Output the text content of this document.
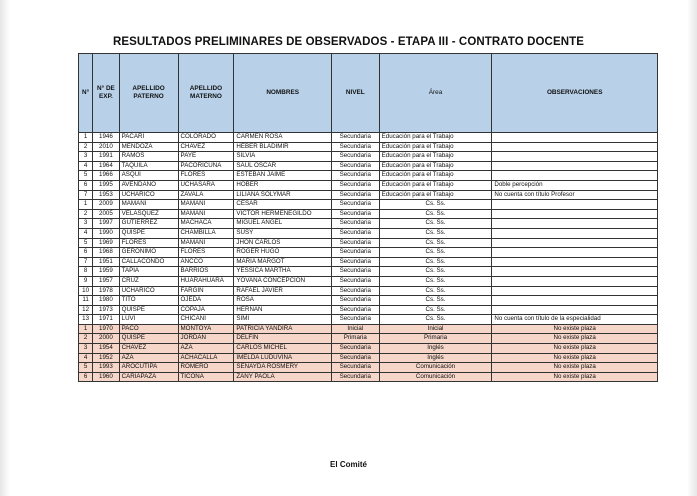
RESULTADOS PRELIMINARES DE OBSERVADOS - ETAPA III - CONTRATO DOCENTE
N°	N° DE EXP.	APELLIDO PATERNO	APELLIDO MATERNO	NOMBRES	NIVEL	Área	OBSERVACIONES
1	1946	PACARI	COLORADO	CARMEN ROSA	Secundaria	Educación para el Trabajo	
2	2010	MENDOZA	CHAVEZ	HEBER BLADIMIR	Secundaria	Educación para el Trabajo	
3	1991	RAMOS	PAYE	SILVIA	Secundaria	Educación para el Trabajo	
4	1964	TAQUILA	PACORICUNA	SAUL OSCAR	Secundaria	Educación para el Trabajo	
5	1966	ASQUI	FLORES	ESTEBAN JAIME	Secundaria	Educación para el Trabajo	
6	1995	AVENDAÑO	UCHASARA	HOBER	Secundaria	Educación para el Trabajo	Doble percepción
7	1953	UCHARICO	ZAVALA	LILIANA SOLYMAR	Secundaria	Educación para el Trabajo	No cuenta con título Profesor
1	2009	MAMANI	MAMANI	CESAR	Secundaria	Cs. Ss.	
2	2005	VELASQUEZ	MAMANI	VICTOR HERMENEGILDO	Secundaria	Cs. Ss.	
3	1997	GUTIERREZ	MACHACA	MIGUEL ANGEL	Secundaria	Cs. Ss.	
4	1990	QUISPE	CHAMBILLA	SUSY	Secundaria	Cs. Ss.	
5	1969	FLORES	MAMANI	JHON CARLOS	Secundaria	Cs. Ss.	
6	1968	GERONIMO	FLORES	ROGER HUGO	Secundaria	Cs. Ss.	
7	1951	CALLACONDO	ANCCO	MARIA MARGOT	Secundaria	Cs. Ss.	
8	1959	TAPIA	BARRIOS	YESSICA MARTHA	Secundaria	Cs. Ss.	
9	1957	CRUZ	HUARAHUARA	YOVANA CONCEPCION	Secundaria	Cs. Ss.	
10	1978	UCHARICO	FARGIN	RAFAEL JAVIER	Secundaria	Cs. Ss.	
11	1980	TITO	OJEDA	ROSA	Secundaria	Cs. Ss.	
12	1973	QUISPE	COPAJA	HERNAN	Secundaria	Cs. Ss.	
13	1971	LUVI	CHICANI	SIMI	Secundaria	Cs. Ss.	No cuenta con título de la especialidad
1	1970	PACO	MONTOYA	PATRICIA YANDIRA	Inicial	Inicial	No existe plaza
2	2000	QUISPE	JORDAN	DELFIN	Primaria	Primaria	No existe plaza
3	1954	CHAVEZ	AZA	CARLOS MICHEL	Secundaria	Inglés	No existe plaza
4	1952	AZA	ACHACALLA	IMELDA LUDUVINA	Secundaria	Inglés	No existe plaza
5	1993	AROCUTIPA	ROMERO	SENAYDA ROSMERY	Secundaria	Comunicación	No existe plaza
6	1960	CARIAPAZA	TICONA	ZANY PAOLA	Secundaria	Comunicación	No existe plaza
El Comité
